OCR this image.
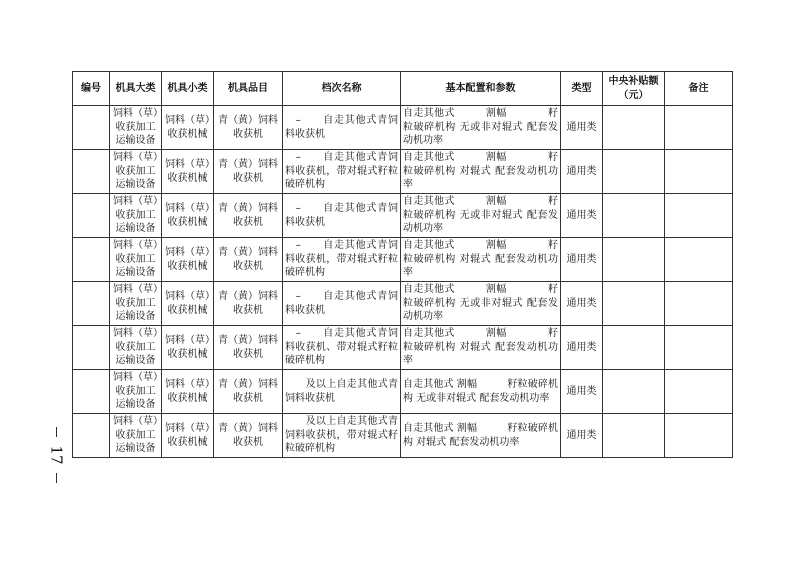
17
编号	机具大类	机具小类	机具品目	档次名称	基本配置和参数	类型	中央补贴额（元）	备注
	饲料（草）收获加工运输设备	饲料（草）收获机械	青（黄）饲料收获机	　–　　自走其他式青饲料收获机	自走其他式　　　割幅　　　　籽粒破碎机构 无或非对辊式 配套发动机功率	通用类		
	饲料（草）收获加工运输设备	饲料（草）收获机械	青（黄）饲料收获机	　–　　自走其他式青饲料收获机，带对辊式籽粒破碎机构	自走其他式　　　割幅　　　　籽粒破碎机构 对辊式 配套发动机功率	通用类		
	饲料（草）收获加工运输设备	饲料（草）收获机械	青（黄）饲料收获机	　–　　自走其他式青饲料收获机	自走其他式　　　割幅　　　　籽粒破碎机构 无或非对辊式 配套发动机功率	通用类		
	饲料（草）收获加工运输设备	饲料（草）收获机械	青（黄）饲料收获机	　–　　自走其他式青饲料收获机，带对辊式籽粒破碎机构	自走其他式　　　割幅　　　　籽粒破碎机构 对辊式 配套发动机功率	通用类		
	饲料（草）收获加工运输设备	饲料（草）收获机械	青（黄）饲料收获机	　–　　自走其他式青饲料收获机	自走其他式　　　割幅　　　　籽粒破碎机构 无或非对辊式 配套发动机功率	通用类		
	饲料（草）收获加工运输设备	饲料（草）收获机械	青（黄）饲料收获机	　–　　自走其他式青饲料收获机、带对辊式籽粒破碎机构	自走其他式　　　割幅　　　　籽粒破碎机构 对辊式 配套发动机功率	通用类		
	饲料（草）收获加工运输设备	饲料（草）收获机械	青（黄）饲料收获机	　　及以上自走其他式青饲料收获机	自走其他式 割幅　　　籽粒破碎机构 无或非对辊式 配套发动机功率	通用类		
	饲料（草）收获加工运输设备	饲料（草）收获机械	青（黄）饲料收获机	　　及以上自走其他式青饲料收获机，带对辊式籽粒破碎机构	自走其他式 割幅　　　籽粒破碎机构 对辊式 配套发动机功率	通用类		
